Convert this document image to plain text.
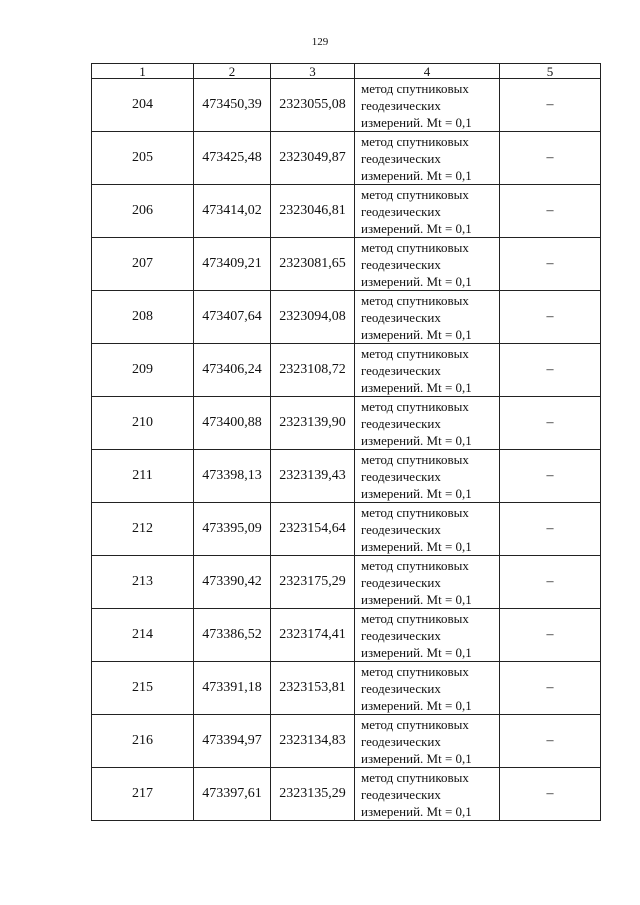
129
1	2	3	4	5
204	473450,39	2323055,08	метод спутниковых
геодезических
измерений. Mt = 0,1	–
205	473425,48	2323049,87	метод спутниковых
геодезических
измерений. Mt = 0,1	–
206	473414,02	2323046,81	метод спутниковых
геодезических
измерений. Mt = 0,1	–
207	473409,21	2323081,65	метод спутниковых
геодезических
измерений. Mt = 0,1	–
208	473407,64	2323094,08	метод спутниковых
геодезических
измерений. Mt = 0,1	–
209	473406,24	2323108,72	метод спутниковых
геодезических
измерений. Mt = 0,1	–
210	473400,88	2323139,90	метод спутниковых
геодезических
измерений. Mt = 0,1	–
211	473398,13	2323139,43	метод спутниковых
геодезических
измерений. Mt = 0,1	–
212	473395,09	2323154,64	метод спутниковых
геодезических
измерений. Mt = 0,1	–
213	473390,42	2323175,29	метод спутниковых
геодезических
измерений. Mt = 0,1	–
214	473386,52	2323174,41	метод спутниковых
геодезических
измерений. Mt = 0,1	–
215	473391,18	2323153,81	метод спутниковых
геодезических
измерений. Mt = 0,1	–
216	473394,97	2323134,83	метод спутниковых
геодезических
измерений. Mt = 0,1	–
217	473397,61	2323135,29	метод спутниковых
геодезических
измерений. Mt = 0,1	–
